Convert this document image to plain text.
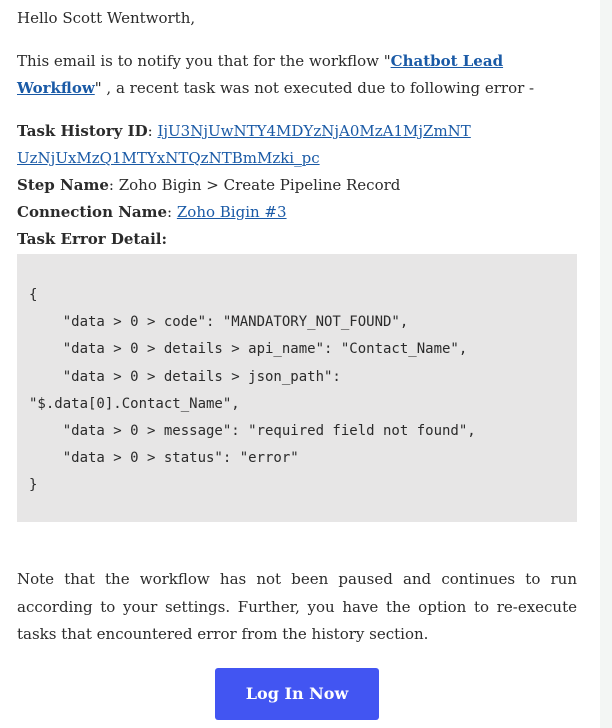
Hello Scott Wentworth,
This email is to notify you that for the workflow "Chatbot Lead Workflow" , a recent task was not executed due to following error -
Task History ID: IjU3NjUwNTY4MDYzNjA0MzA1MjZmNT
UzNjUxMzQ1MTYxNTQzNTBmMzki_pc
Step Name: Zoho Bigin > Create Pipeline Record
Connection Name: Zoho Bigin #3
Task Error Detail:
{
"data > 0 > code": "MANDATORY_NOT_FOUND",
"data > 0 > details > api_name": "Contact_Name",
"data > 0 > details > json_path":
"$.data[0].Contact_Name",
"data > 0 > message": "required field not found",
"data > 0 > status": "error"
}
Note that the workflow has not been paused and continues to run according to your settings. Further, you have the option to re-execute tasks that encountered error from the history section.
Log In Now
